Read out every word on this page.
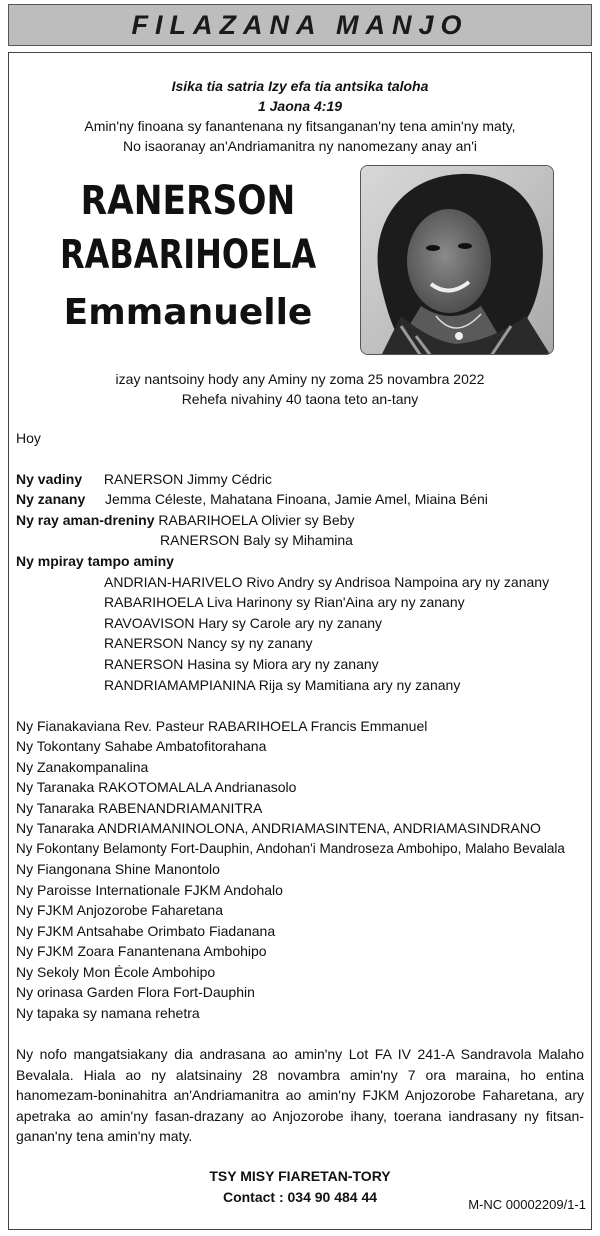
FILAZANA MANJO
Isika tia satria Izy efa tia antsika taloha
1 Jaona 4:19
Amin'ny finoana sy fanantenana ny fitsanganan'ny tena amin'ny maty,
No isaoranay an'Andriamanitra ny nanomezany anay an'i
RANERSON
RABARIHOELA
Emmanuelle
izay nantsoiny hody any Aminy ny zoma 25 novambra 2022
Rehefa nivahiny 40 taona teto an-tany
Hoy
Ny vadiny RANERSON Jimmy Cédric
Ny zanany Jemma Céleste, Mahatana Finoana, Jamie Amel, Miaina Béni
Ny ray aman-dreniny RABARIHOELA Olivier sy Beby
RANERSON Baly sy Mihamina
Ny mpiray tampo aminy
ANDRIAN-HARIVELO Rivo Andry sy Andrisoa Nampoina ary ny zanany
RABARIHOELA Liva Harinony sy Rian'Aina ary ny zanany
RAVOAVISON Hary sy Carole ary ny zanany
RANERSON Nancy sy ny zanany
RANERSON Hasina sy Miora ary ny zanany
RANDRIAMAMPIANINA Rija sy Mamitiana ary ny zanany
Ny Fianakaviana Rev. Pasteur RABARIHOELA Francis Emmanuel
Ny Tokontany Sahabe Ambatofitorahana
Ny Zanakompanalina
Ny Taranaka RAKOTOMALALA Andrianasolo
Ny Tanaraka RABENANDRIAMANITRA
Ny Tanaraka ANDRIAMANINOLONA, ANDRIAMASINTENA, ANDRIAMASINDRANO
Ny Fokontany Belamonty Fort-Dauphin, Andohan'i Mandroseza Ambohipo, Malaho Bevalala
Ny Fiangonana Shine Manontolo
Ny Paroisse Internationale FJKM Andohalo
Ny FJKM Anjozorobe Faharetana
Ny FJKM Antsahabe Orimbato Fiadanana
Ny FJKM Zoara Fanantenana Ambohipo
Ny Sekoly Mon École Ambohipo
Ny orinasa Garden Flora Fort-Dauphin
Ny tapaka sy namana rehetra
Ny nofo mangatsiakany dia andrasana ao amin'ny Lot FA IV 241-A Sandravola Malaho Bevalala. Hiala ao ny alatsinainy 28 novambra amin'ny 7 ora maraina, ho entina hanomezam-boninahitra an'Andriamanitra ao amin'ny FJKM Anjozorobe Faharetana, ary apetraka ao amin'ny fasan-drazany ao Anjozorobe ihany, toerana iandrasany ny fitsan-ganan'ny tena amin'ny maty.
TSY MISY FIARETAN-TORY
Contact : 034 90 484 44	M-NC 00002209/1-1
